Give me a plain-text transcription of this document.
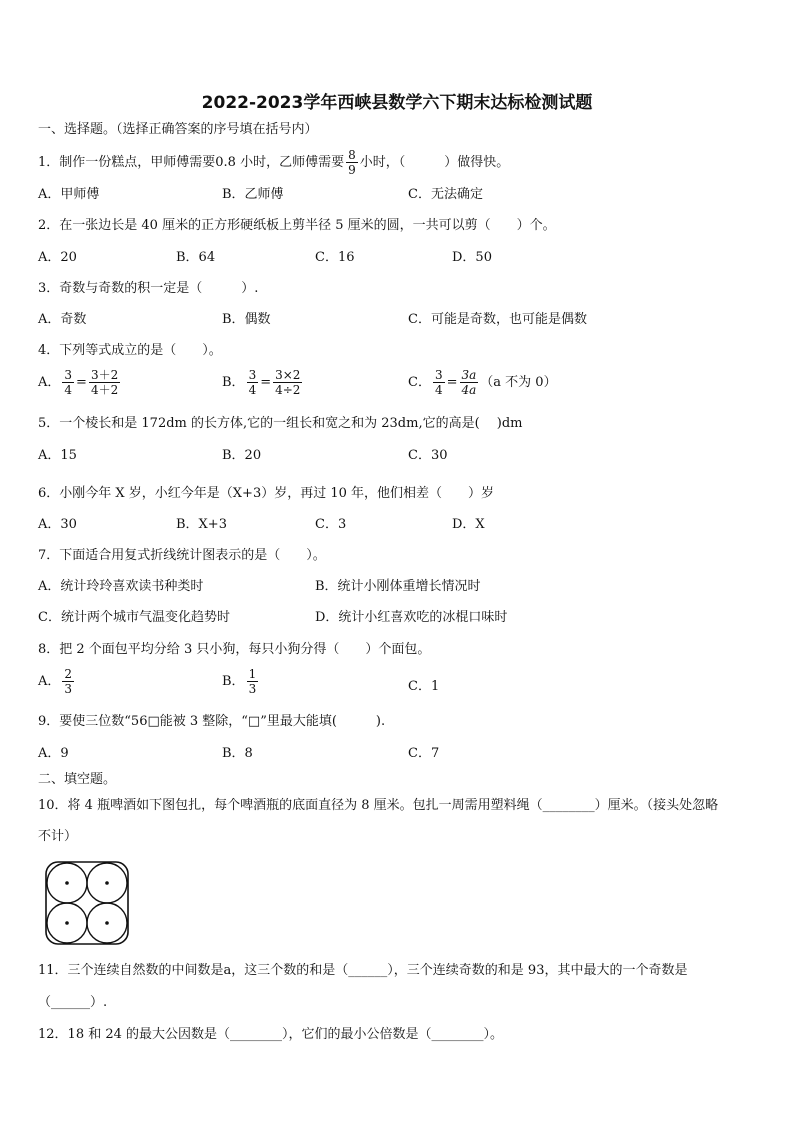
2022-2023学年西峡县数学六下期末达标检测试题
一、选择题。（选择正确答案的序号填在括号内）
1．制作一份糕点，甲师傅需要0.8 小时，乙师傅需要 $\frac{8}{9}$ 小时，（　　　）做得快。
A．甲师傅	B．乙师傅	C．无法确定
2．在一张边长是 40 厘米的正方形硬纸板上剪半径 5 厘米的圆，一共可以剪（　　）个。
A．20	B．64	C．16	D．50
3．奇数与奇数的积一定是（　　　）.
A．奇数	B．偶数	C．可能是奇数，也可能是偶数
4．下列等式成立的是（　　）。
A． $\frac{3}{4} = \frac{3+2}{4+2}$	B． $\frac{3}{4} = \frac{3\times 2}{4\div 2}$	C． $\frac{3}{4} = \frac{3a}{4a} (a$ 不为 0）
5．一个棱长和是 172dm 的长方体,它的一组长和宽之和为 23dm,它的高是(　 )dm
A．15	B．20	C．30
6．小刚今年 X 岁，小红今年是（X+3）岁，再过 10 年，他们相差（　　）岁
A．30	B．X+3	C．3	D．X
7．下面适合用复式折线统计图表示的是（　　）。
A．统计玲玲喜欢读书种类时	B．统计小刚体重增长情况时
C．统计两个城市气温变化趋势时	D．统计小红喜欢吃的冰棍口味时
8．把 2 个面包平均分给 3 只小狗，每只小狗分得（　　）个面包。
A． $\frac{2}{3}$	B． $\frac{1}{3}$	C．1
9．要使三位数“56□能被 3 整除，“□”里最大能填(　　　).
A．9	B．8	C．7
二、填空题。
10．将 4 瓶啤酒如下图包扎，每个啤酒瓶的底面直径为 8 厘米。包扎一周需用塑料绳（________）厘米。（接头处忽略
不计）
11．三个连续自然数的中间数是a，这三个数的和是（______），三个连续奇数的和是 93，其中最大的一个奇数是
（______）.
12．18 和 24 的最大公因数是（________），它们的最小公倍数是（________）。
